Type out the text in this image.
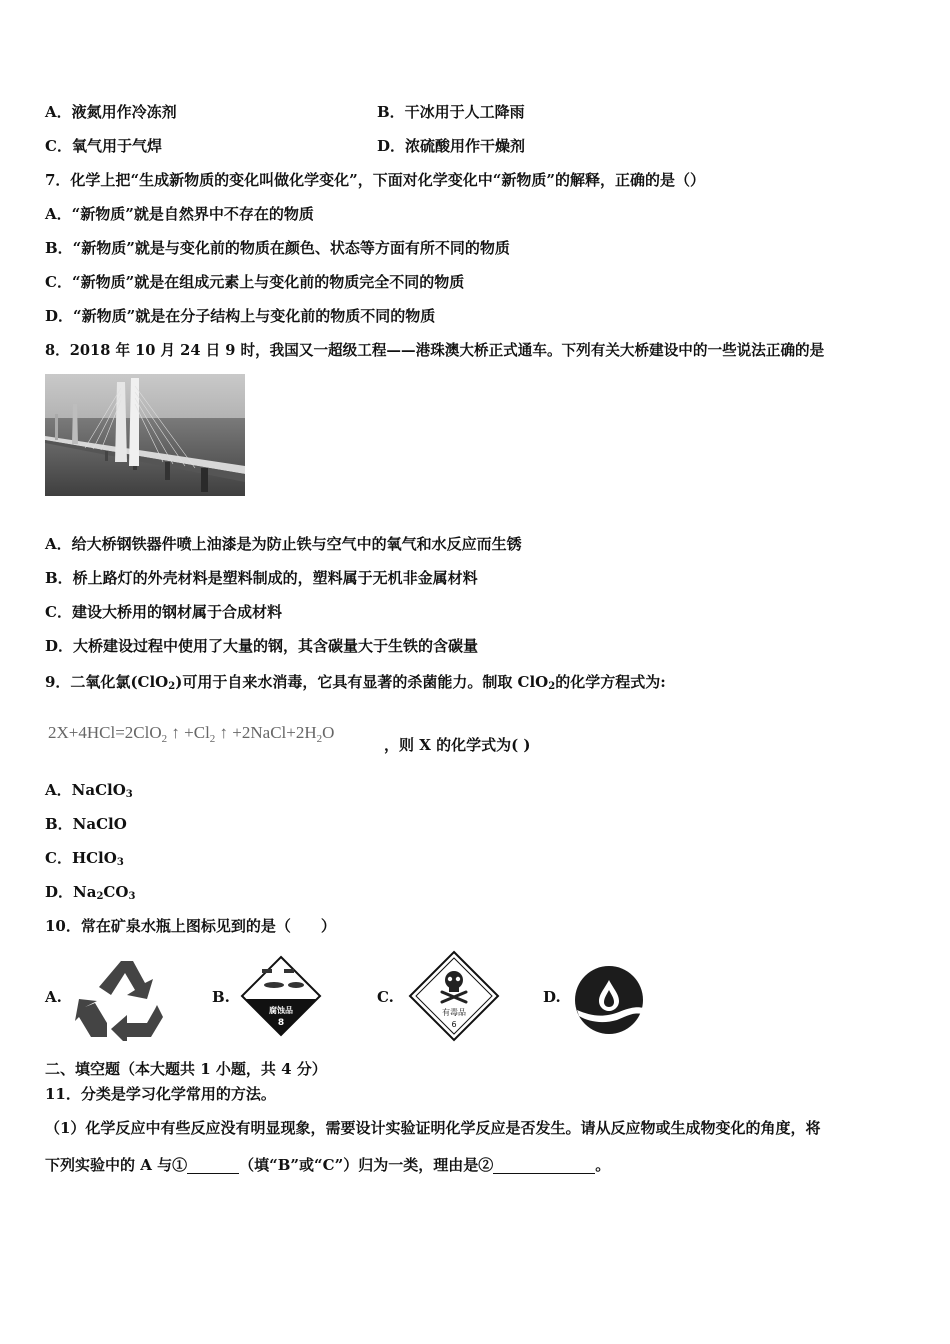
A．液氮用作冷冻剂	B．干冰用于人工降雨
C．氧气用于气焊	D．浓硫酸用作干燥剂
7．化学上把“生成新物质的变化叫做化学变化”，下面对化学变化中“新物质”的解释，正确的是（）
A．“新物质”就是自然界中不存在的物质
B．“新物质”就是与变化前的物质在颜色、状态等方面有所不同的物质
C．“新物质”就是在组成元素上与变化前的物质完全不同的物质
D．“新物质”就是在分子结构上与变化前的物质不同的物质
8．2018 年 10 月 24 日 9 时，我国又一超级工程——港珠澳大桥正式通车。下列有关大桥建设中的一些说法正确的是
A．给大桥钢铁器件喷上油漆是为防止铁与空气中的氧气和水反应而生锈
B．桥上路灯的外壳材料是塑料制成的，塑料属于无机非金属材料
C．建设大桥用的钢材属于合成材料
D．大桥建设过程中使用了大量的钢，其含碳量大于生铁的含碳量
9．二氧化氯(ClO$_2$)可用于自来水消毒，它具有显著的杀菌能力。制取 ClO$_2$的化学方程式为:
2X+4HCl=2ClO$_2$ ↑ $+Cl_2$ ↑ $+2NaCl+2H_2O$
，则 X 的化学式为( )
A．NaClO$_3$
B．NaClO
C．HClO$_3$
D．$Na_2CO_3$
10．常在矿泉水瓶上图标见到的是（　　）
A.	B.
腐蚀品
8
C.
有毒品
6
D.
二、填空题（本大题共 1 小题，共 4 分）
11．分类是学习化学常用的方法。
（1）化学反应中有些反应没有明显现象，需要设计实验证明化学反应是否发生。请从反应物或生成物变化的角度，将
下列实验中的 A 与①	（填“B”或“C”）归为一类，理由是②	。
